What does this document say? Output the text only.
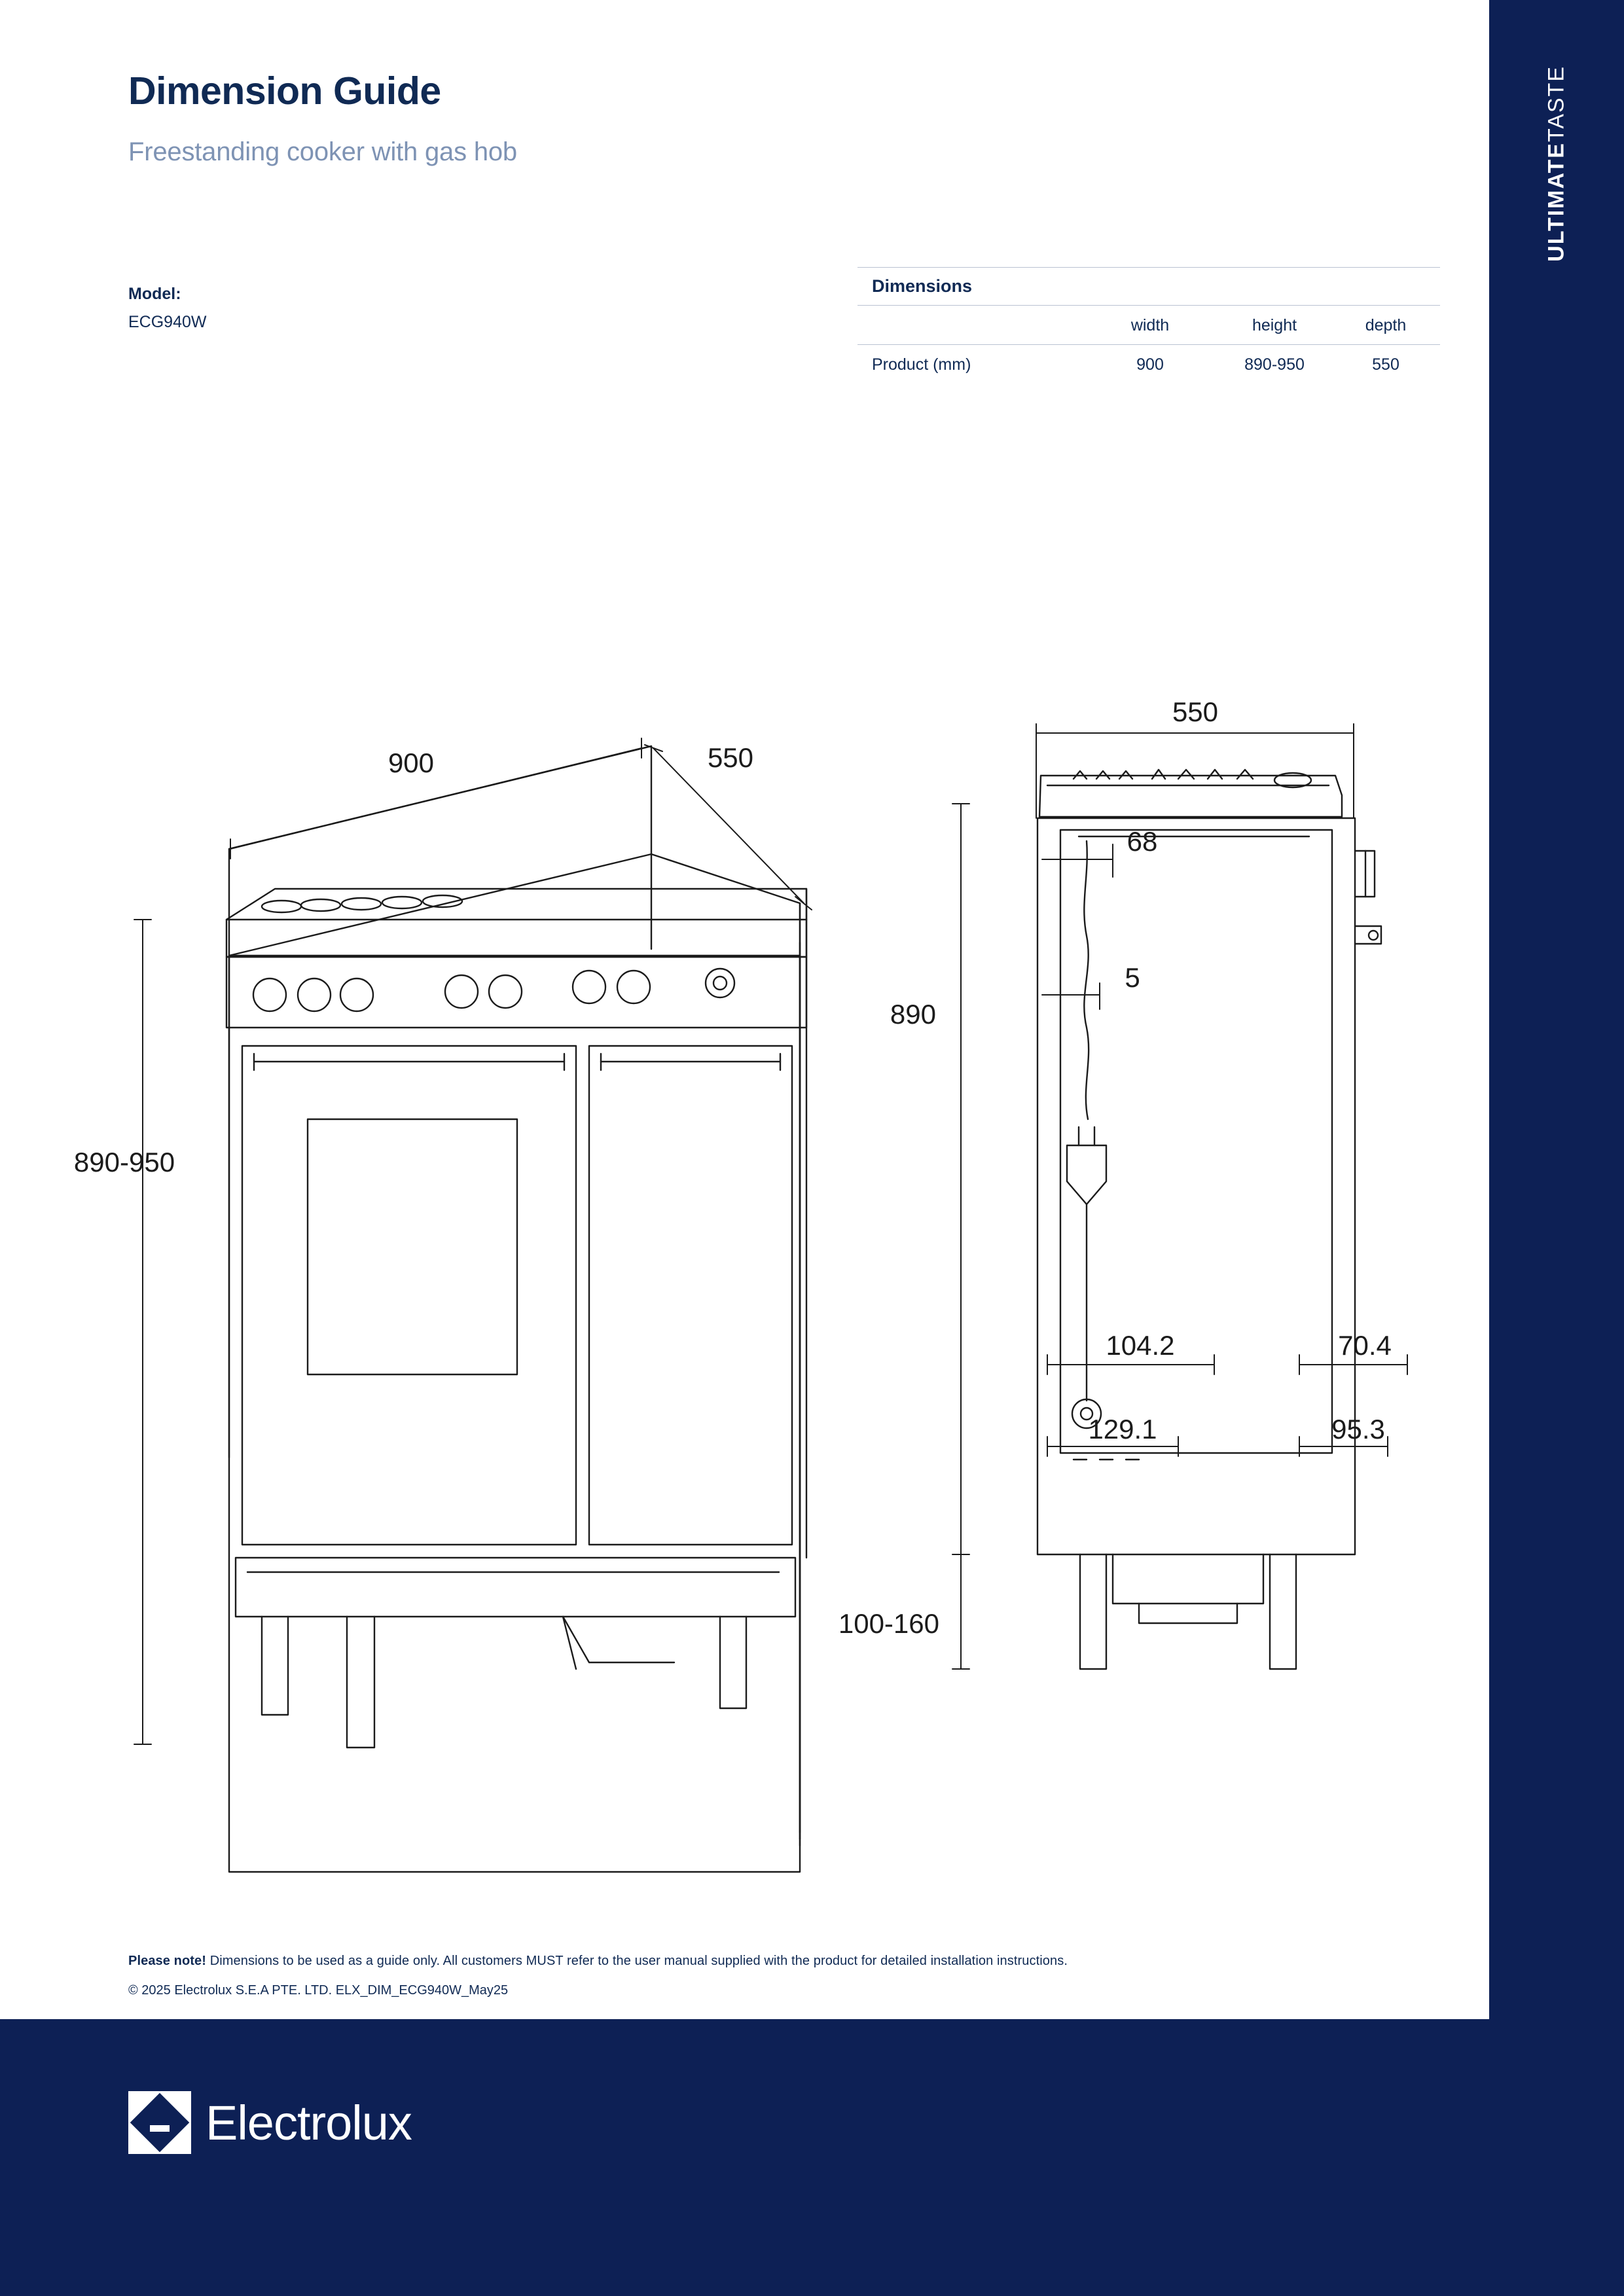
ULTIMATETASTE
Dimension Guide
Freestanding cooker with gas hob
Model:
ECG940W
Dimensions
width	height	depth
Product (mm)	900	890-950	550
900	550
890-950
550
890
100-160
68
5
104.2	70.4
129.1	95.3
Please note! Dimensions to be used as a guide only. All customers MUST refer to the user manual supplied with the product for detailed installation instructions.
© 2025 Electrolux S.E.A PTE. LTD. ELX_DIM_ECG940W_May25
Electrolux
